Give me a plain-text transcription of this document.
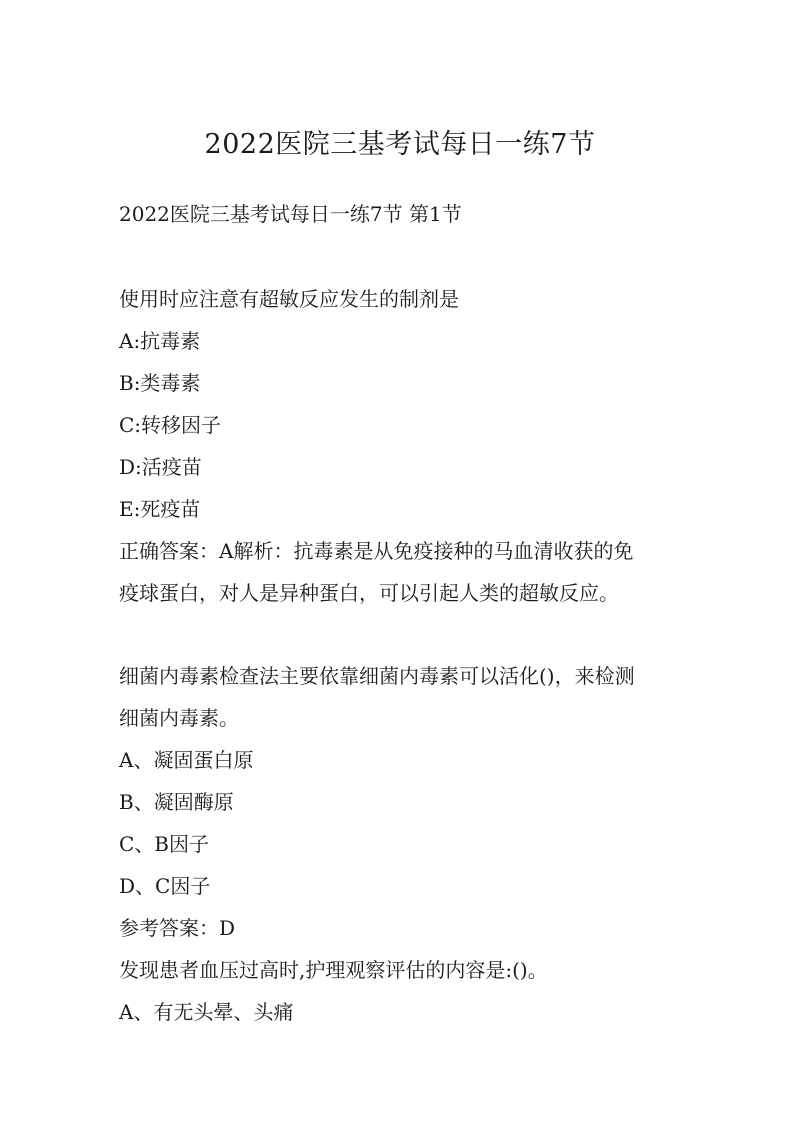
2022医院三基考试每日一练7节
2022医院三基考试每日一练7节 第1节
使用时应注意有超敏反应发生的制剂是
A:抗毒素
B:类毒素
C:转移因子
D:活疫苗
E:死疫苗
正确答案：A解析：抗毒素是从免疫接种的马血清收获的免
疫球蛋白，对人是异种蛋白，可以引起人类的超敏反应。
细菌内毒素检查法主要依靠细菌内毒素可以活化()，来检测
细菌内毒素。
A、凝固蛋白原
B、凝固酶原
C、B因子
D、C因子
参考答案：D
发现患者血压过高时,护理观察评估的内容是:()。
A、有无头晕、头痛
